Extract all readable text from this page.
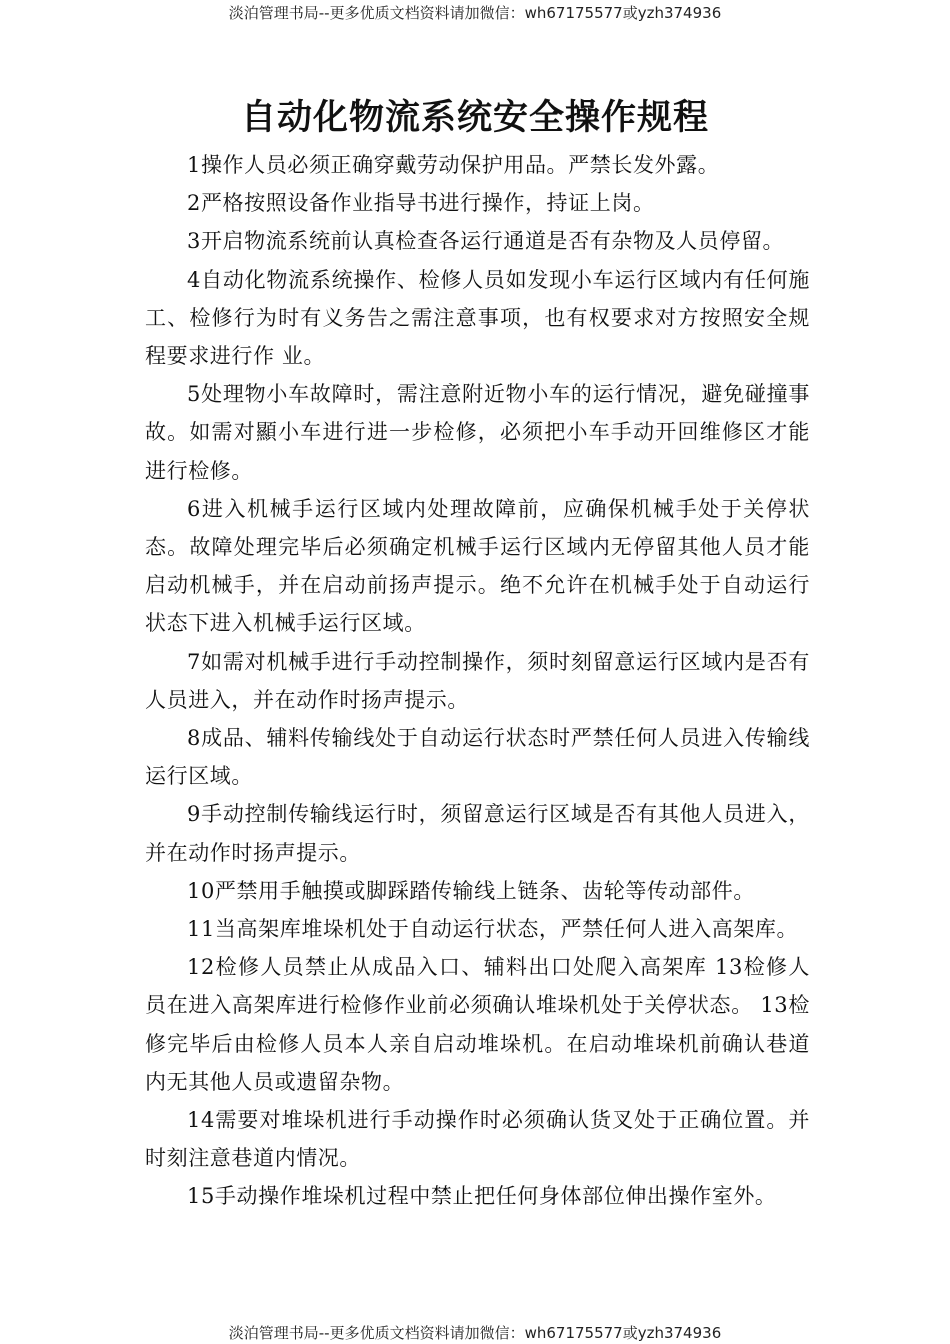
淡泊管理书局--更多优质文档资料请加微信：wh67175577或yzh374936
自动化物流系统安全操作规程

1操作人员必须正确穿戴劳动保护用品。严禁长发外露。

2严格按照设备作业指导书进行操作，持证上岗。

3开启物流系统前认真检查各运行通道是否有杂物及人员停留。

4自动化物流系统操作、检修人员如发现小车运行区域内有任何施工、检修行为时有义务告之需注意事项，也有权要求对方按照安全规程要求进行作 业。

5处理物小车故障时，需注意附近物小车的运行情况，避免碰撞事故。如需对顯小车进行进一步检修，必须把小车手动开回维修区才能进行检修。

6进入机械手运行区域内处理故障前，应确保机械手处于关停状态。故障处理完毕后必须确定机械手运行区域内无停留其他人员才能启动机械手，并在启动前扬声提示。绝不允许在机械手处于自动运行状态下进入机械手运行区域。

7如需对机械手进行手动控制操作，须时刻留意运行区域内是否有人员进入，并在动作时扬声提示。

8成品、辅料传输线处于自动运行状态时严禁任何人员进入传输线运行区域。

9手动控制传输线运行时，须留意运行区域是否有其他人员进入，并在动作时扬声提示。

10严禁用手触摸或脚踩踏传输线上链条、齿轮等传动部件。

11当高架库堆垛机处于自动运行状态，严禁任何人进入高架库。

12检修人员禁止从成品入口、辅料出口处爬入高架库 13检修人员在进入高架库进行检修作业前必须确认堆垛机处于关停状态。 13检修完毕后由检修人员本人亲自启动堆垛机。在启动堆垛机前确认巷道内无其他人员或遗留杂物。

14需要对堆垛机进行手动操作时必须确认货叉处于正确位置。并时刻注意巷道内情况。

15手动操作堆垛机过程中禁止把任何身体部位伸出操作室外。

淡泊管理书局--更多优质文档资料请加微信：wh67175577或yzh374936
